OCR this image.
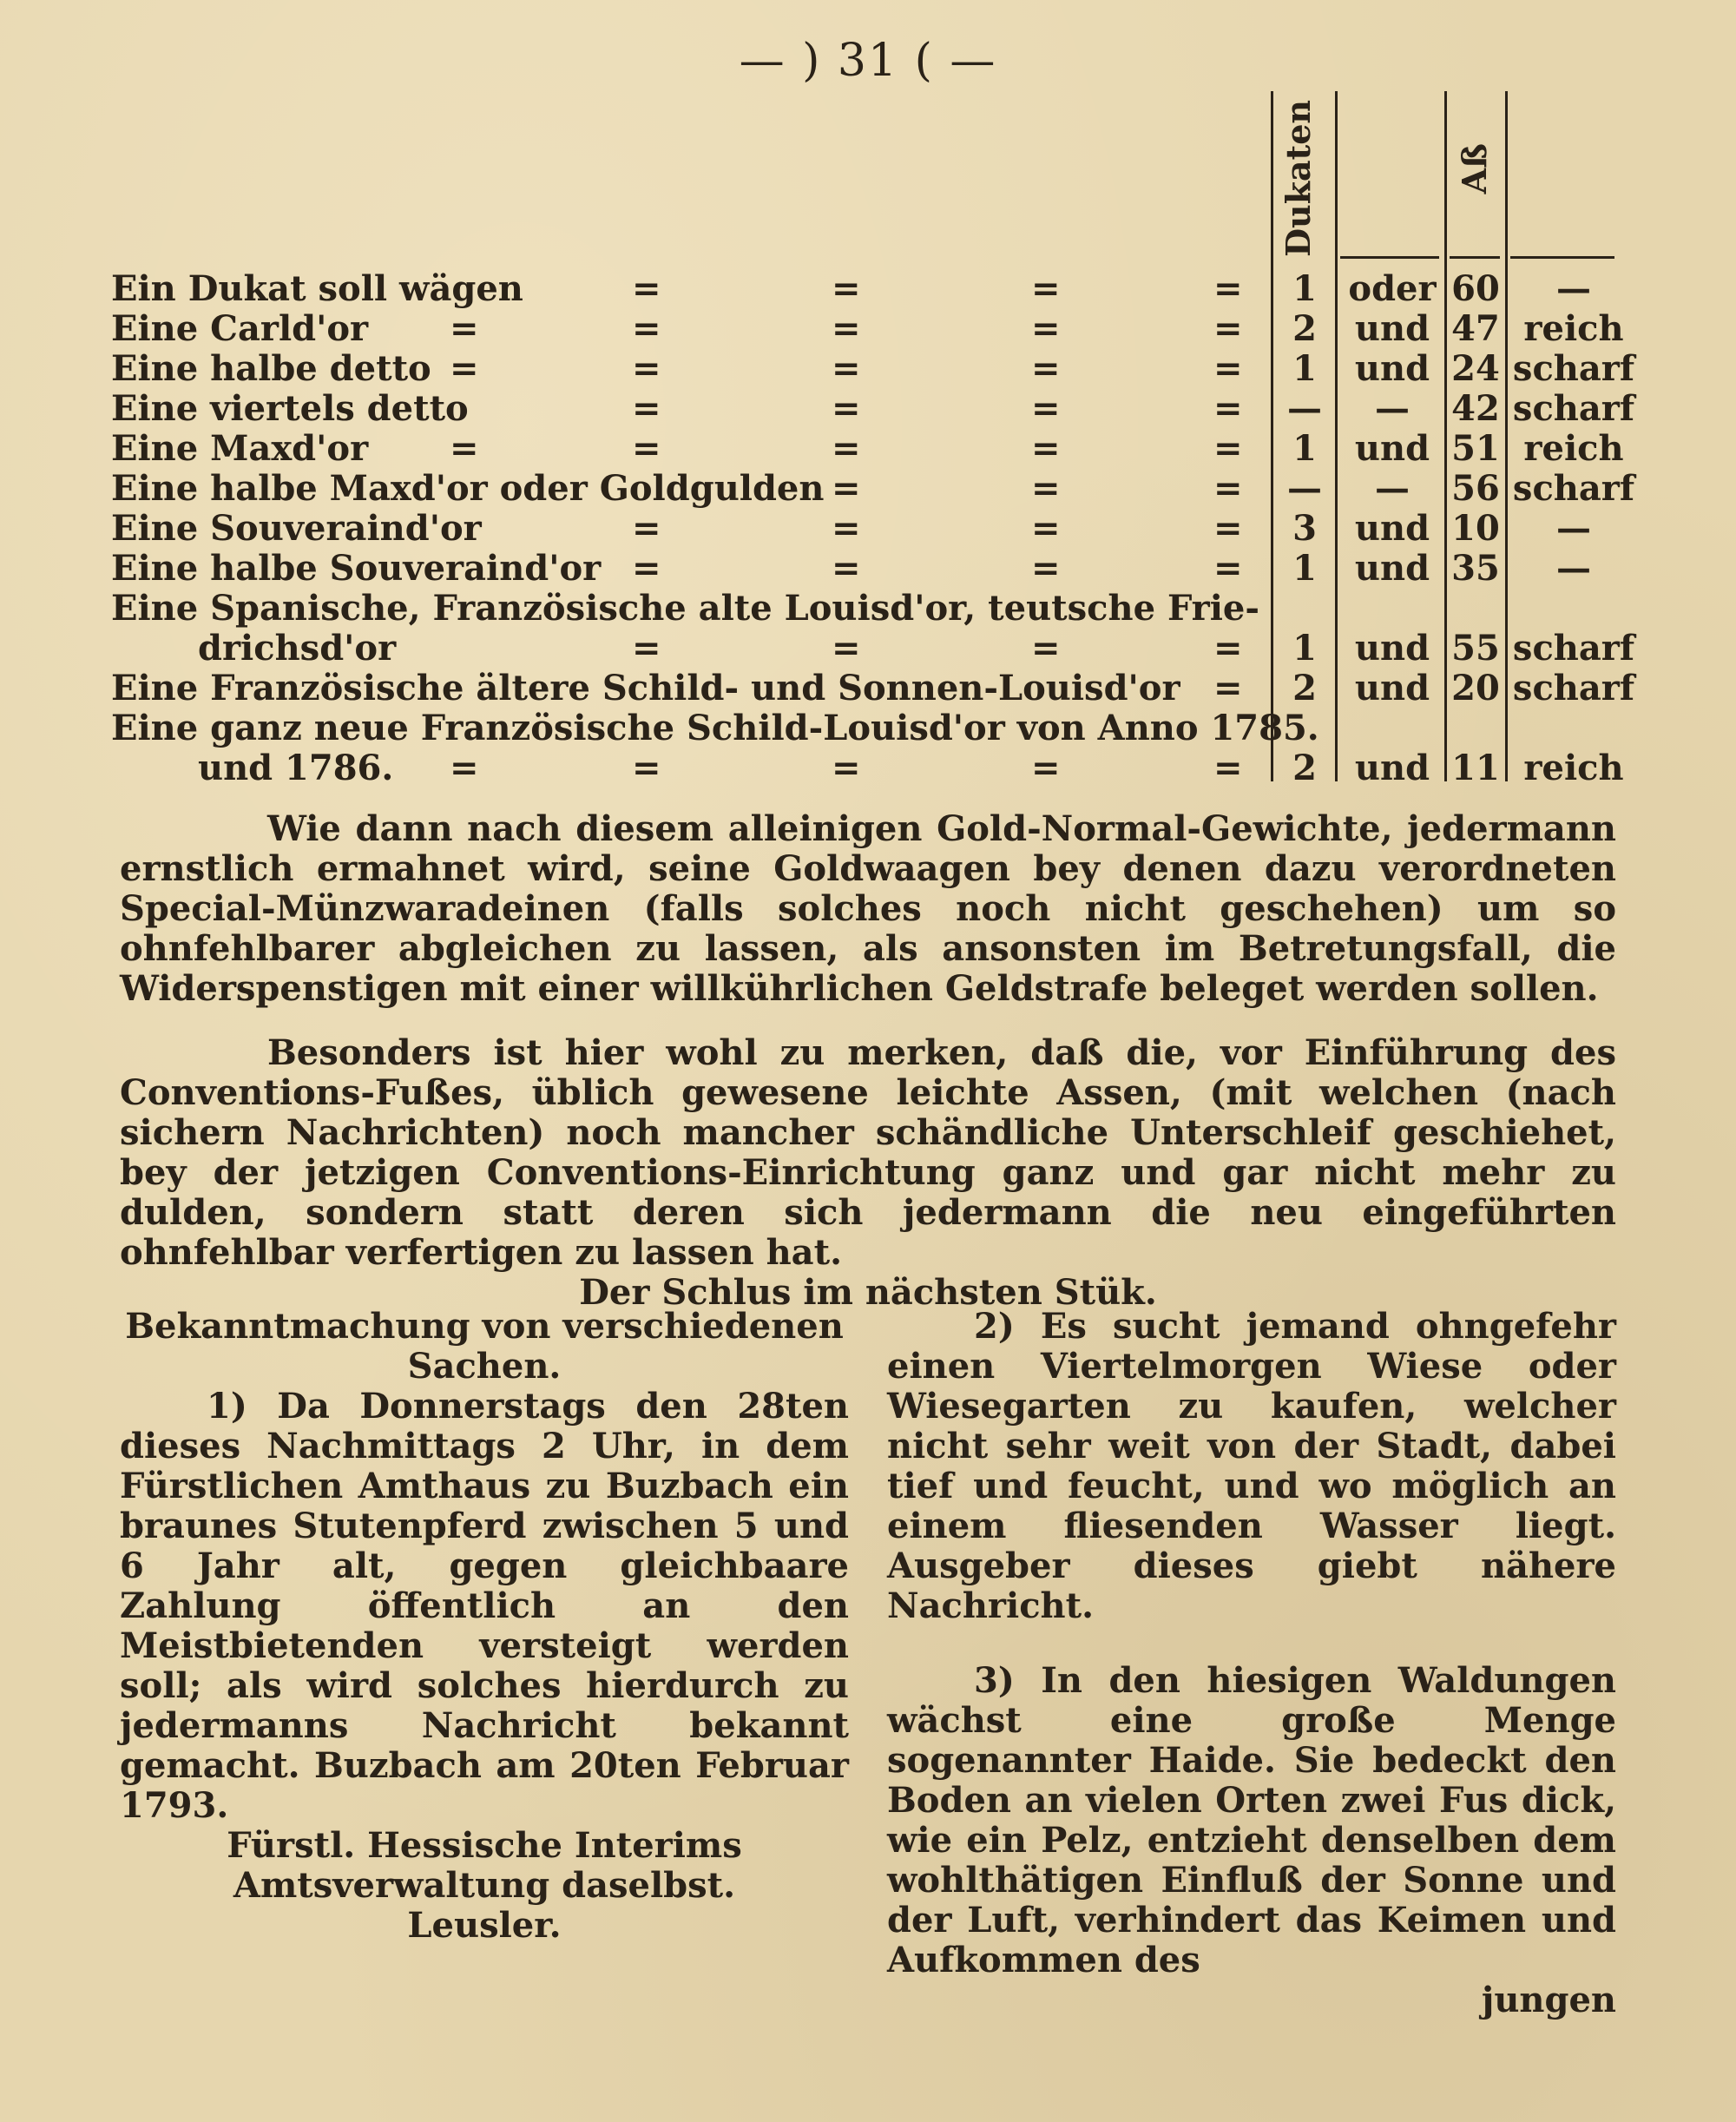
— ) 31 ( —
Dukaten	Aß
Ein Dukat soll wägen	=	=	=	=	1 oder 60	—
Eine Carld'or =	=	=	=	=	2	und 47 reich
Eine halbe detto =	=	=	=	=	1	und 24 scharf
Eine viertels detto	=	=	=	=	—	—	42 scharf
Eine Maxd'or =	=	=	=	=	1	und 51 reich
Eine halbe Maxd'or oder Goldgulden =	=	=	—	—	56 scharf
Eine Souveraind'or	=	=	=	=	3	und 10	—
Eine halbe Souveraind'or =	=	=	=	1	und 35	—
Eine Spanische, Französische alte Louisd'or, teutsche Frie-
drichsd'or	=	=	=	=	1	und 55 scharf
Eine Französische ältere Schild- und Sonnen-Louisd'or =	2	und 20 scharf
Eine ganz neue Französische Schild-Louisd'or von Anno 1785.
und 1786. =	=	=	=	=	2	und 11 reich

Wie dann nach diesem alleinigen Gold-Normal-Gewichte, jedermann ernstlich ermahnet wird, seine Goldwaagen bey denen dazu verordneten Special-Münzwaradeinen (falls solches noch nicht geschehen) um so ohnfehlbarer abgleichen zu lassen, als ansonsten im Betretungsfall, die Widerspenstigen mit einer willkührlichen Geldstrafe beleget werden sollen.

Besonders ist hier wohl zu merken, daß die, vor Einführung des Conventions-Fußes, üblich gewesene leichte Assen, (mit welchen (nach sichern Nachrichten) noch mancher schändliche Unterschleif geschiehet, bey der jetzigen Conventions-Einrichtung ganz und gar nicht mehr zu dulden, sondern statt deren sich jedermann die neu eingeführten ohnfehlbar verfertigen zu lassen hat.

Der Schlus im nächsten Stük.
Bekanntmachung von verschiedenen Sachen.

1) Da Donnerstags den 28ten dieses Nachmittags 2 Uhr, in dem Fürstlichen Amthaus zu Buzbach ein braunes Stutenpferd zwischen 5 und 6 Jahr alt, gegen gleichbaare Zahlung öffentlich an den Meistbietenden versteigt werden soll; als wird solches hierdurch zu jedermanns Nachricht bekannt gemacht. Buzbach am 20ten Februar 1793.

Fürstl. Hessische Interims Amtsverwaltung daselbst.
Leusler.

2) Es sucht jemand ohngefehr einen Viertelmorgen Wiese oder Wiesegarten zu kaufen, welcher nicht sehr weit von der Stadt, dabei tief und feucht, und wo möglich an einem fliesenden Wasser liegt. Ausgeber dieses giebt nähere Nachricht.

3) In den hiesigen Waldungen wächst eine große Menge sogenannter Haide. Sie bedeckt den Boden an vielen Orten zwei Fus dick, wie ein Pelz, entzieht denselben dem wohlthätigen Einfluß der Sonne und der Luft, verhindert das Keimen und Aufkommen des

jungen
